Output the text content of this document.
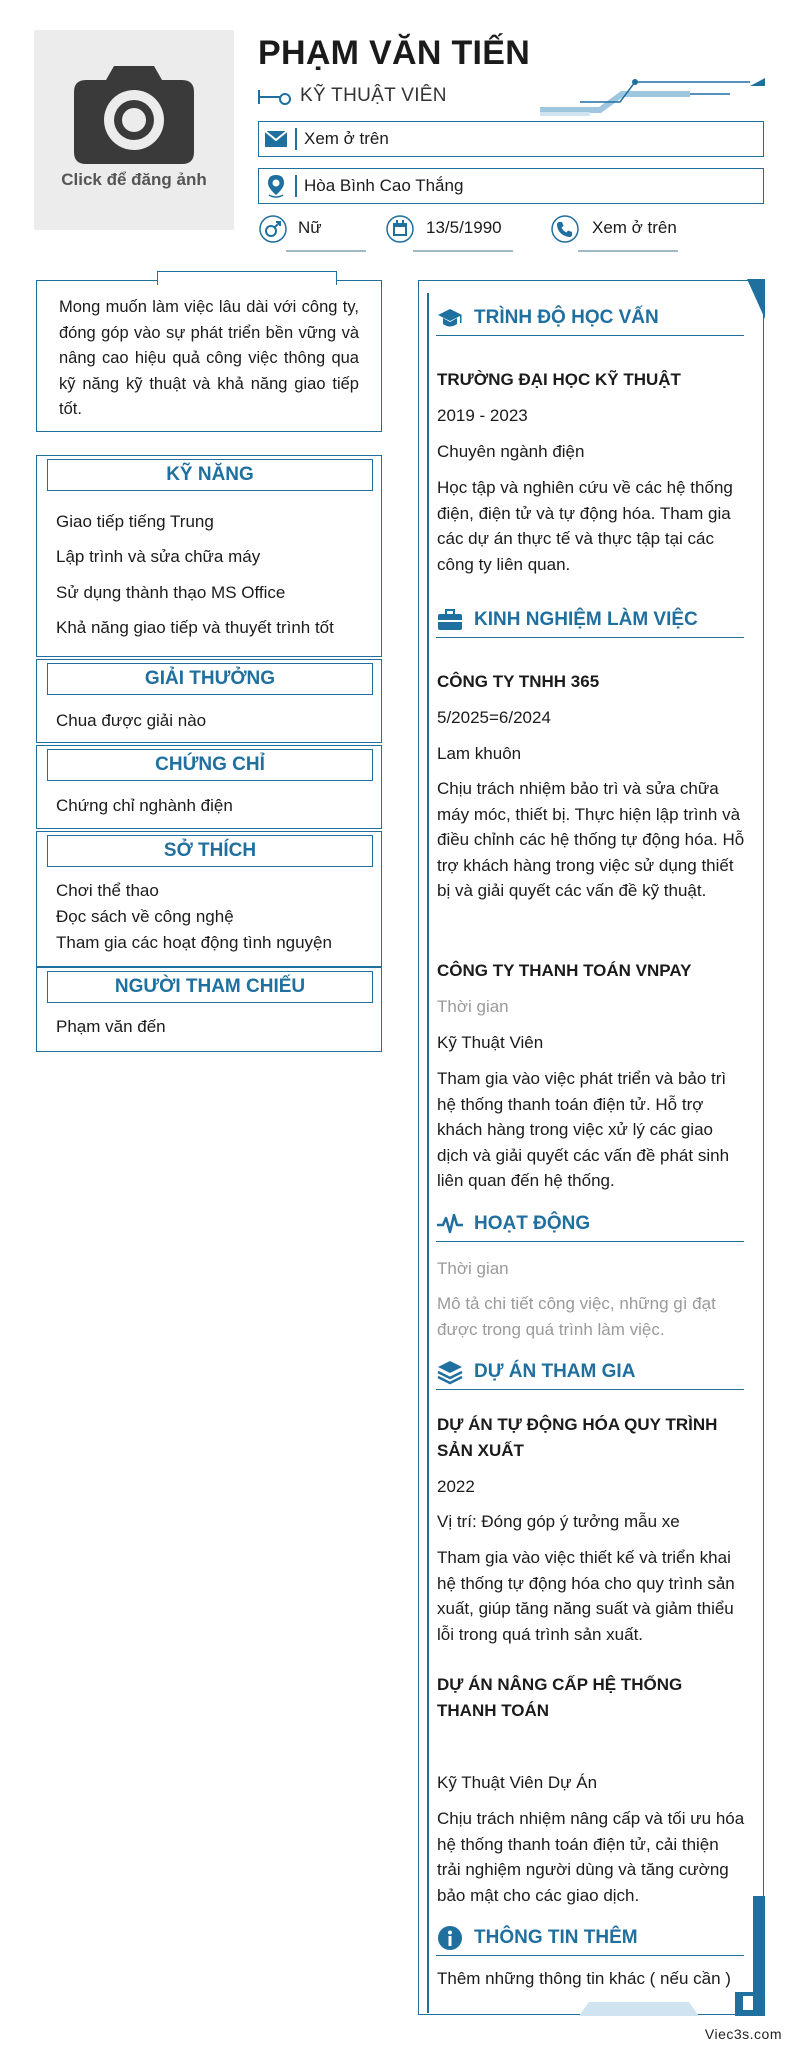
Click để đăng ảnh
PHẠM VĂN TIẾN
KỸ THUẬT VIÊN
Xem ở trên
Hòa Bình Cao Thắng
Nữ	13/5/1990	Xem ở trên
Mong muốn làm việc lâu dài với công ty, đóng góp vào sự phát triển bền vững và nâng cao hiệu quả công việc thông qua kỹ năng kỹ thuật và khả năng giao tiếp tốt.
KỸ NĂNG
Giao tiếp tiếng Trung
Lập trình và sửa chữa máy
Sử dụng thành thạo MS Office
Khả năng giao tiếp và thuyết trình tốt
GIẢI THƯỞNG
Chua được giải nào
CHỨNG CHỈ
Chứng chỉ nghành điện
SỞ THÍCH
Chơi thể thao
Đọc sách về công nghệ
Tham gia các hoạt động tình nguyện
NGƯỜI THAM CHIẾU
Phạm văn đến
TRÌNH ĐỘ HỌC VẤN
TRƯỜNG ĐẠI HỌC KỸ THUẬT
2019 - 2023
Chuyên ngành điện
Học tập và nghiên cứu về các hệ thống điện, điện tử và tự động hóa. Tham gia các dự án thực tế và thực tập tại các công ty liên quan.
KINH NGHIỆM LÀM VIỆC
CÔNG TY TNHH 365
5/2025=6/2024
Lam khuôn
Chịu trách nhiệm bảo trì và sửa chữa máy móc, thiết bị. Thực hiện lập trình và điều chỉnh các hệ thống tự động hóa. Hỗ trợ khách hàng trong việc sử dụng thiết bị và giải quyết các vấn đề kỹ thuật.
CÔNG TY THANH TOÁN VNPAY
Thời gian
Kỹ Thuật Viên
Tham gia vào việc phát triển và bảo trì hệ thống thanh toán điện tử. Hỗ trợ khách hàng trong việc xử lý các giao dịch và giải quyết các vấn đề phát sinh liên quan đến hệ thống.
HOẠT ĐỘNG
Thời gian
Mô tả chi tiết công việc, những gì đạt được trong quá trình làm việc.
DỰ ÁN THAM GIA
DỰ ÁN TỰ ĐỘNG HÓA QUY TRÌNH SẢN XUẤT
2022
Vị trí: Đóng góp ý tưởng mẫu xe
Tham gia vào việc thiết kế và triển khai hệ thống tự động hóa cho quy trình sản xuất, giúp tăng năng suất và giảm thiểu lỗi trong quá trình sản xuất.
DỰ ÁN NÂNG CẤP HỆ THỐNG THANH TOÁN
Kỹ Thuật Viên Dự Án
Chịu trách nhiệm nâng cấp và tối ưu hóa hệ thống thanh toán điện tử, cải thiện trải nghiệm người dùng và tăng cường bảo mật cho các giao dịch.
THÔNG TIN THÊM
Thêm những thông tin khác ( nếu cần )
Viec3s.com
